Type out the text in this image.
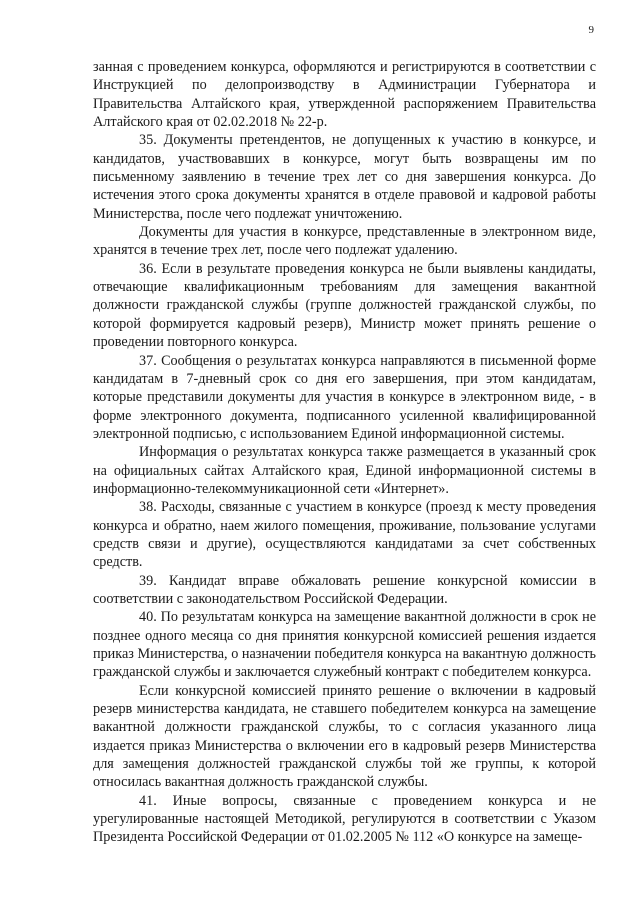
9

занная с проведением конкурса, оформляются и регистрируются в соответствии с Инструкцией по делопроизводству в Администрации Губернатора и Правительства Алтайского края, утвержденной распоряжением Правительства Алтайского края от 02.02.2018 № 22-р.

35. Документы претендентов, не допущенных к участию в конкурсе, и кандидатов, участвовавших в конкурсе, могут быть возвращены им по письменному заявлению в течение трех лет со дня завершения конкурса. До истечения этого срока документы хранятся в отделе правовой и кадровой работы Министерства, после чего подлежат уничтожению.

Документы для участия в конкурсе, представленные в электронном виде, хранятся в течение трех лет, после чего подлежат удалению.

36. Если в результате проведения конкурса не были выявлены кандидаты, отвечающие квалификационным требованиям для замещения вакантной должности гражданской службы (группе должностей гражданской службы, по которой формируется кадровый резерв), Министр может принять решение о проведении повторного конкурса.

37. Сообщения о результатах конкурса направляются в письменной форме кандидатам в 7-дневный срок со дня его завершения, при этом кандидатам, которые представили документы для участия в конкурсе в электронном виде, - в форме электронного документа, подписанного усиленной квалифицированной электронной подписью, с использованием Единой информационной системы.

Информация о результатах конкурса также размещается в указанный срок на официальных сайтах Алтайского края, Единой информационной системы в информационно-телекоммуникационной сети «Интернет».

38. Расходы, связанные с участием в конкурсе (проезд к месту проведения конкурса и обратно, наем жилого помещения, проживание, пользование услугами средств связи и другие), осуществляются кандидатами за счет собственных средств.

39. Кандидат вправе обжаловать решение конкурсной комиссии в соответствии с законодательством Российской Федерации.

40. По результатам конкурса на замещение вакантной должности в срок не позднее одного месяца со дня принятия конкурсной комиссией решения издается приказ Министерства, о назначении победителя конкурса на вакантную должность гражданской службы и заключается служебный контракт с победителем конкурса.

Если конкурсной комиссией принято решение о включении в кадровый резерв министерства кандидата, не ставшего победителем конкурса на замещение вакантной должности гражданской службы, то с согласия указанного лица издается приказ Министерства о включении его в кадровый резерв Министерства для замещения должностей гражданской службы той же группы, к которой относилась вакантная должность гражданской службы.

41. Иные вопросы, связанные с проведением конкурса и не урегулированные настоящей Методикой, регулируются в соответствии с Указом Президента Российской Федерации от 01.02.2005 № 112 «О конкурсе на замеще-
